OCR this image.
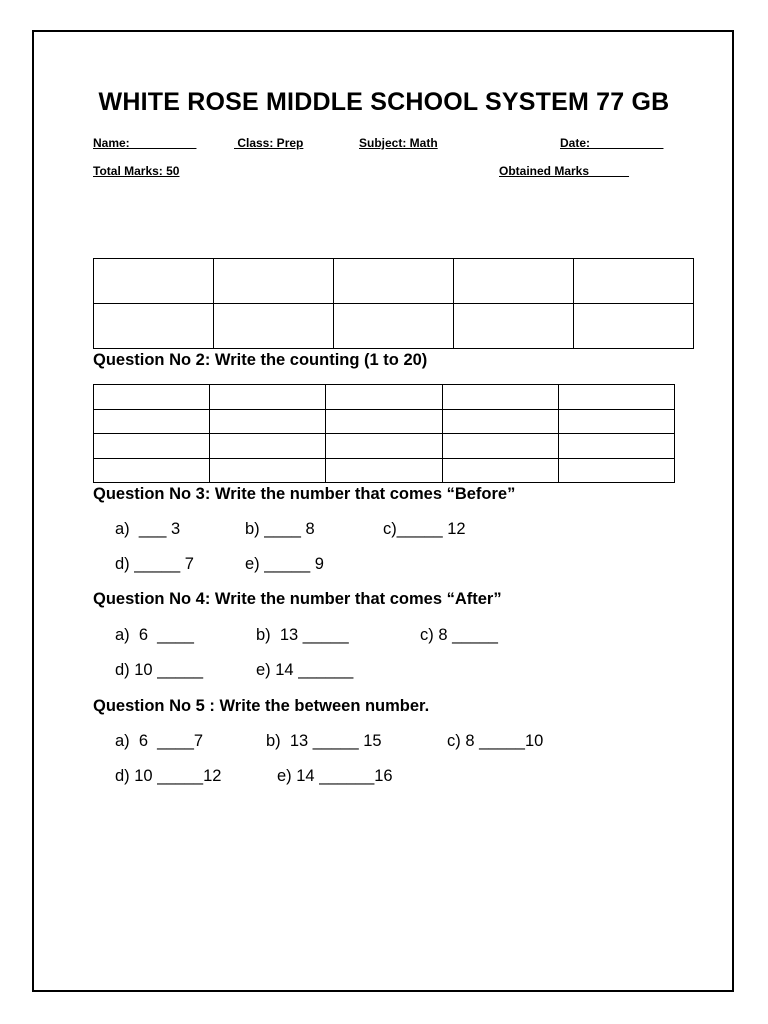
WHITE ROSE MIDDLE SCHOOL SYSTEM 77 GB
Name:__________	Class: Prep	Subject: Math	Date:___________
Total Marks: 50	Obtained Marks

Question No 2: Write the counting (1 to 20)

Question No 3: Write the number that comes “Before”
a)  ___ 3	b) ____ 8	c)_____ 12
d) _____ 7	e) _____ 9
Question No 4: Write the number that comes “After”
a)  6  ____	b)  13 _____	c) 8 _____
d) 10 _____	e) 14 ______
Question No 5 : Write the between number.
a)  6  ____7	b)  13 _____ 15	c) 8 _____10
d) 10 _____12	e) 14 ______16
